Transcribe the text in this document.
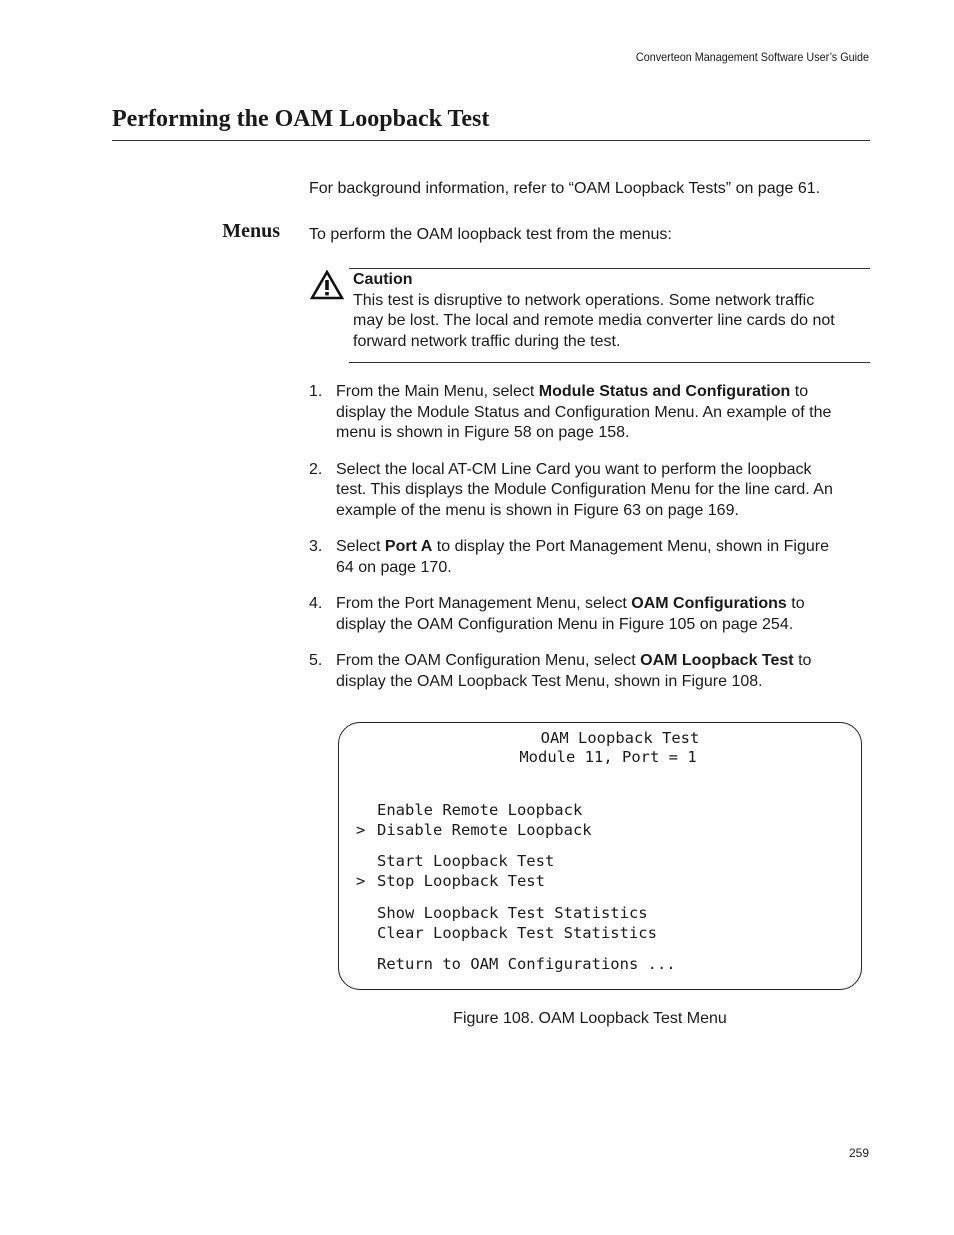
Converteon Management Software User’s Guide
Performing the OAM Loopback Test
For background information, refer to “OAM Loopback Tests” on page 61.
Menus To perform the OAM loopback test from the menus:
Caution
This test is disruptive to network operations. Some network traffic
may be lost. The local and remote media converter line cards do not
forward network traffic during the test.
1. From the Main Menu, select Module Status and Configuration to
display the Module Status and Configuration Menu. An example of the
menu is shown in Figure 58 on page 158.
2. Select the local AT-CM Line Card you want to perform the loopback
test. This displays the Module Configuration Menu for the line card. An
example of the menu is shown in Figure 63 on page 169.
3. Select Port A to display the Port Management Menu, shown in Figure
64 on page 170.
4. From the Port Management Menu, select OAM Configurations to
display the OAM Configuration Menu in Figure 105 on page 254.
5. From the OAM Configuration Menu, select OAM Loopback Test to
display the OAM Loopback Test Menu, shown in Figure 108.
OAM Loopback Test
Module 11, Port = 1
Enable Remote Loopback
> Disable Remote Loopback
Start Loopback Test
> Stop Loopback Test
Show Loopback Test Statistics
Clear Loopback Test Statistics
Return to OAM Configurations ...
Figure 108. OAM Loopback Test Menu
259
